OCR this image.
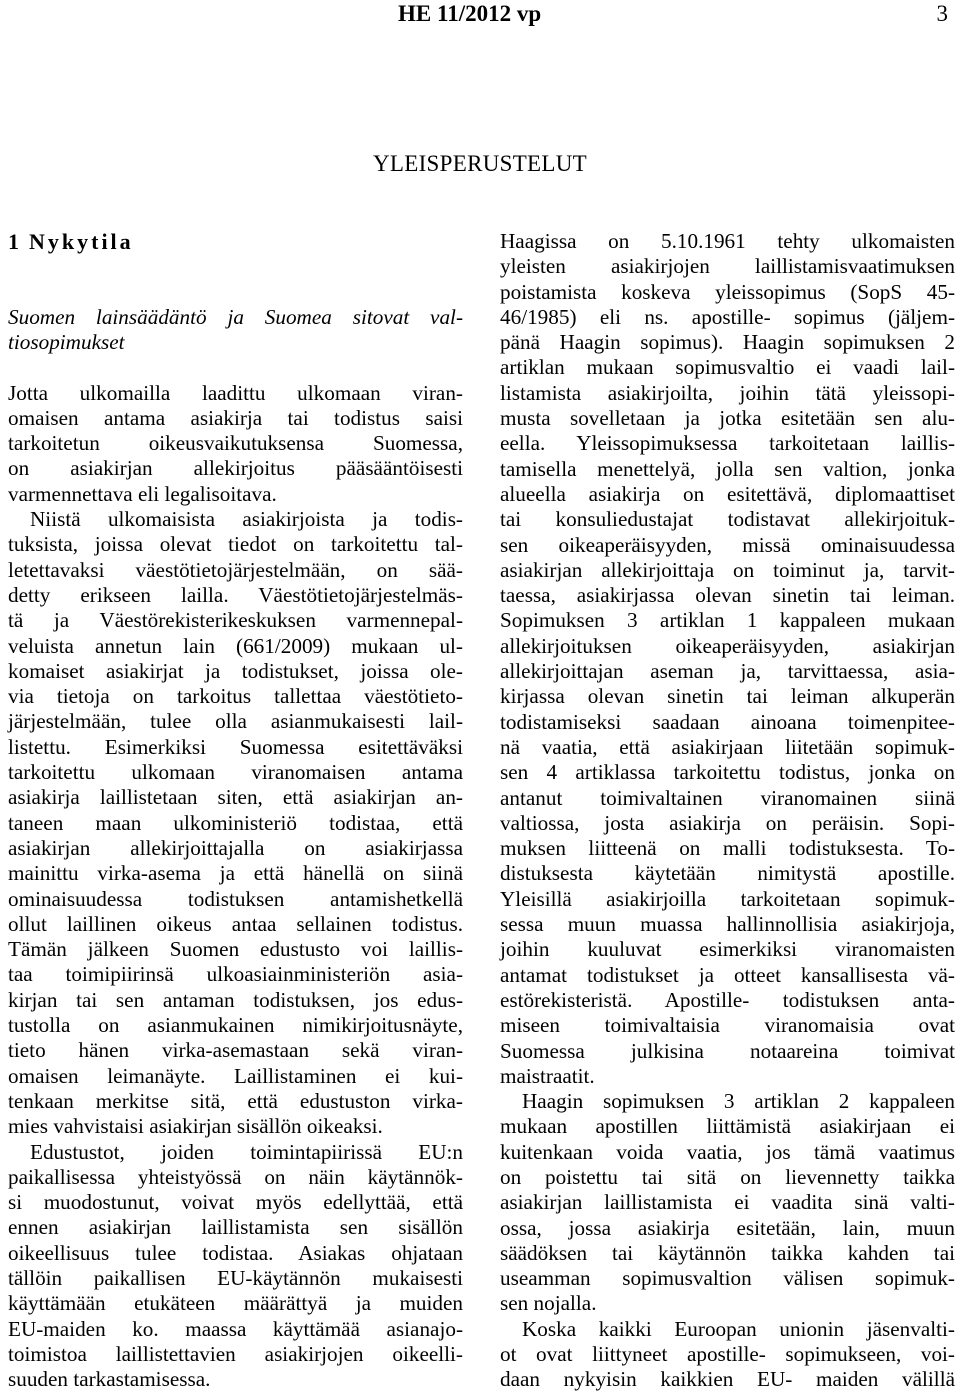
HE 11/2012 vp	3
YLEISPERUSTELUT
1 Nykytila
Suomen lainsäädäntö ja Suomea sitovat val-
tiosopimukset
Jotta ulkomailla laadittu ulkomaan viran-
omaisen antama asiakirja tai todistus saisi
tarkoitetun oikeusvaikutuksensa Suomessa,
on asiakirjan allekirjoitus pääsääntöisesti
varmennettava eli legalisoitava.
Niistä ulkomaisista asiakirjoista ja todis-
tuksista, joissa olevat tiedot on tarkoitettu tal-
letettavaksi väestötietojärjestelmään, on sää-
detty erikseen lailla. Väestötietojärjestelmäs-
tä ja Väestörekisterikeskuksen varmennepal-
veluista annetun lain (661/2009) mukaan ul-
komaiset asiakirjat ja todistukset, joissa ole-
via tietoja on tarkoitus tallettaa väestötieto-
järjestelmään, tulee olla asianmukaisesti lail-
listettu. Esimerkiksi Suomessa esitettäväksi
tarkoitettu ulkomaan viranomaisen antama
asiakirja laillistetaan siten, että asiakirjan an-
taneen maan ulkoministeriö todistaa, että
asiakirjan allekirjoittajalla on asiakirjassa
mainittu virka-asema ja että hänellä on siinä
ominaisuudessa todistuksen antamishetkellä
ollut laillinen oikeus antaa sellainen todistus.
Tämän jälkeen Suomen edustusto voi laillis-
taa toimipiirinsä ulkoasiainministeriön asia-
kirjan tai sen antaman todistuksen, jos edus-
tustolla on asianmukainen nimikirjoitusnäyte,
tieto hänen virka-asemastaan sekä viran-
omaisen leimanäyte. Laillistaminen ei kui-
tenkaan merkitse sitä, että edustuston virka-
mies vahvistaisi asiakirjan sisällön oikeaksi.
Edustustot, joiden toimintapiirissä EU:n
paikallisessa yhteistyössä on näin käytännök-
si muodostunut, voivat myös edellyttää, että
ennen asiakirjan laillistamista sen sisällön
oikeellisuus tulee todistaa. Asiakas ohjataan
tällöin paikallisen EU-käytännön mukaisesti
käyttämään etukäteen määrättyä ja muiden
EU-maiden ko. maassa käyttämää asianajo-
toimistoa laillistettavien asiakirjojen oikeelli-
suuden tarkastamisessa.
Haagissa on 5.10.1961 tehty ulkomaisten
yleisten asiakirjojen laillistamisvaatimuksen
poistamista koskeva yleissopimus (SopS 45-
46/1985) eli ns. apostille- sopimus (jäljem-
pänä Haagin sopimus). Haagin sopimuksen 2
artiklan mukaan sopimusvaltio ei vaadi lail-
listamista asiakirjoilta, joihin tätä yleissopi-
musta sovelletaan ja jotka esitetään sen alu-
eella. Yleissopimuksessa tarkoitetaan laillis-
tamisella menettelyä, jolla sen valtion, jonka
alueella asiakirja on esitettävä, diplomaattiset
tai konsuliedustajat todistavat allekirjoituk-
sen oikeaperäisyyden, missä ominaisuudessa
asiakirjan allekirjoittaja on toiminut ja, tarvit-
taessa, asiakirjassa olevan sinetin tai leiman.
Sopimuksen 3 artiklan 1 kappaleen mukaan
allekirjoituksen oikeaperäisyyden, asiakirjan
allekirjoittajan aseman ja, tarvittaessa, asia-
kirjassa olevan sinetin tai leiman alkuperän
todistamiseksi saadaan ainoana toimenpitee-
nä vaatia, että asiakirjaan liitetään sopimuk-
sen 4 artiklassa tarkoitettu todistus, jonka on
antanut toimivaltainen viranomainen siinä
valtiossa, josta asiakirja on peräisin. Sopi-
muksen liitteenä on malli todistuksesta. To-
distuksesta käytetään nimitystä apostille.
Yleisillä asiakirjoilla tarkoitetaan sopimuk-
sessa muun muassa hallinnollisia asiakirjoja,
joihin kuuluvat esimerkiksi viranomaisten
antamat todistukset ja otteet kansallisesta vä-
estörekisteristä. Apostille- todistuksen anta-
miseen toimivaltaisia viranomaisia ovat
Suomessa julkisina notaareina toimivat
maistraatit.
Haagin sopimuksen 3 artiklan 2 kappaleen
mukaan apostillen liittämistä asiakirjaan ei
kuitenkaan voida vaatia, jos tämä vaatimus
on poistettu tai sitä on lievennetty taikka
asiakirjan laillistamista ei vaadita sinä valti-
ossa, jossa asiakirja esitetään, lain, muun
säädöksen tai käytännön taikka kahden tai
useamman sopimusvaltion välisen sopimuk-
sen nojalla.
Koska kaikki Euroopan unionin jäsenvalti-
ot ovat liittyneet apostille- sopimukseen, voi-
daan nykyisin kaikkien EU- maiden välillä
